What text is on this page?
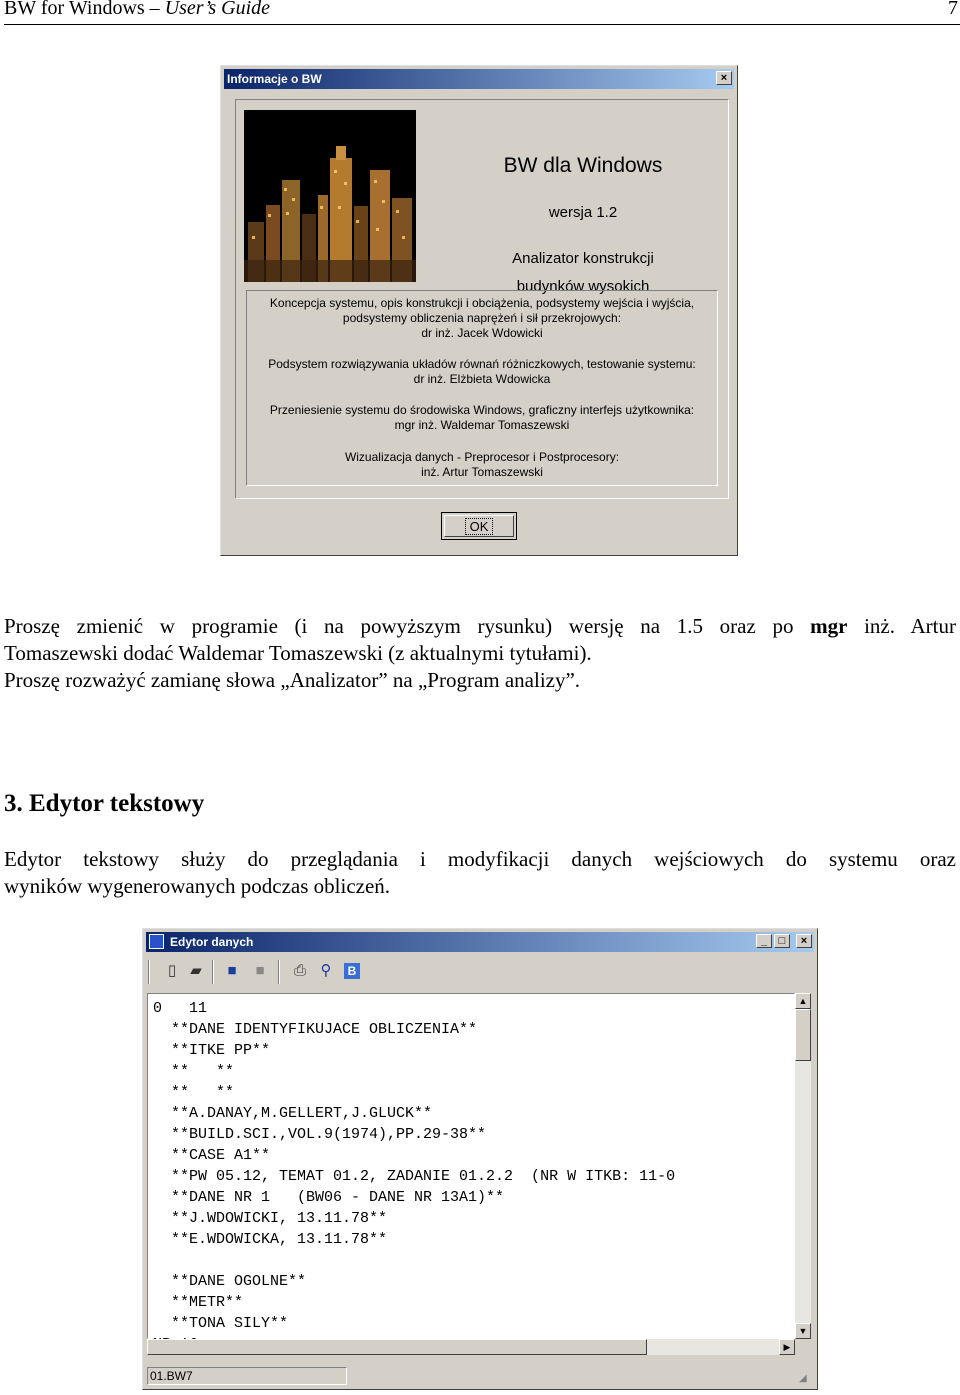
BW for Windows – User’s Guide	7
Informacje o BW	×
BW dla Windows
wersja 1.2
Analizator konstrukcji
budynków wysokich
Koncepcja systemu, opis konstrukcji i obciążenia, podsystemy wejścia i wyjścia,
podsystemy obliczenia naprężeń i sił przekrojowych:
dr inż. Jacek Wdowicki
Podsystem rozwiązywania układów równań różniczkowych, testowanie systemu:
dr inż. Elżbieta Wdowicka
Przeniesienie systemu do środowiska Windows, graficzny interfejs użytkownika:
mgr inż. Waldemar Tomaszewski
Wizualizacja danych - Preprocesor i Postprocesory:
inż. Artur Tomaszewski
OK
Proszę zmienić w programie (i na powyższym rysunku) wersję na 1.5 oraz po mgr inż. Artur
Tomaszewski dodać Waldemar Tomaszewski (z aktualnymi tytułami).
Proszę rozważyć zamianę słowa „Analizator” na „Program analizy”.
3. Edytor tekstowy
Edytor tekstowy służy do przeglądania i modyfikacji danych wejściowych do systemu oraz
wyników wygenerowanych podczas obliczeń.
Edytor danych	_	□	×
▯ ▰	■	■	⎙ ⚲	B
0   11
**DANE IDENTYFIKUJACE OBLICZENIA**
**ITKE PP**
**   **
**   **
**A.DANAY,M.GELLERT,J.GLUCK**
**BUILD.SCI.,VOL.9(1974),PP.29-38**
**CASE A1**
**PW 05.12, TEMAT 01.2, ZADANIE 01.2.2  (NR W ITKB: 11-0
**DANE NR 1   (BW06 - DANE NR 13A1)**
**J.WDOWICKI, 13.11.78**
**E.WDOWICKA, 13.11.78**

**DANE OGOLNE**
**METR**
**TONA SILY**

▲
▼
▶
01.BW7	◢
